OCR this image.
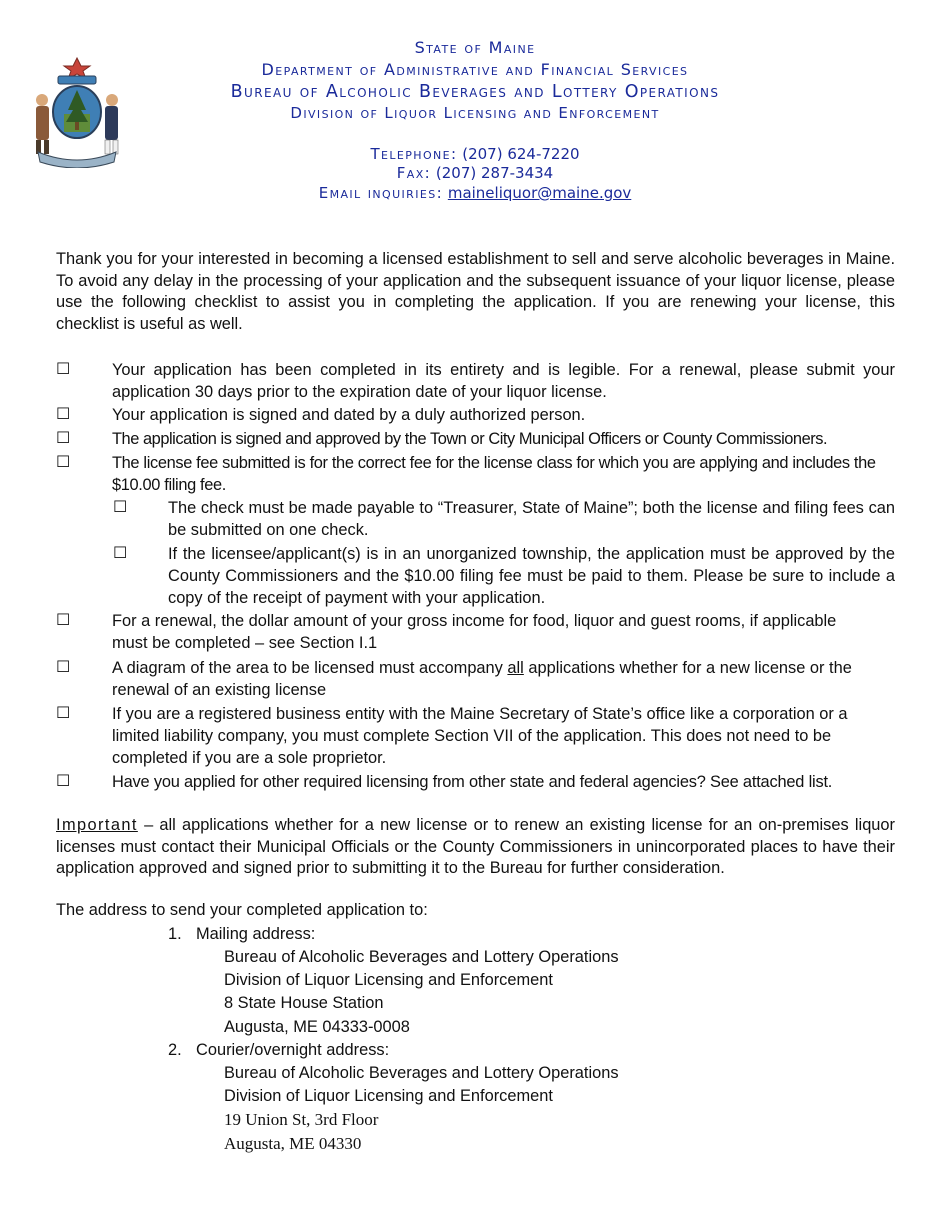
State of Maine
Department of Administrative and Financial Services
Bureau of Alcoholic Beverages and Lottery Operations
Division of Liquor Licensing and Enforcement
Telephone: (207) 624-7220
Fax: (207) 287-3434
Email inquiries: maineliquor@maine.gov
Thank you for your interested in becoming a licensed establishment to sell and serve alcoholic beverages in Maine. To avoid any delay in the processing of your application and the subsequent issuance of your liquor license, please use the following checklist to assist you in completing the application. If you are renewing your license, this checklist is useful as well.
☐	Your application has been completed in its entirety and is legible. For a renewal, please submit your application 30 days prior to the expiration date of your liquor license.
☐	Your application is signed and dated by a duly authorized person.
☐	The application is signed and approved by the Town or City Municipal Officers or County Commissioners.
☐	The license fee submitted is for the correct fee for the license class for which you are applying and includes the $10.00 filing fee.
☐ The check must be made payable to “Treasurer, State of Maine”; both the license and filing fees can be submitted on one check.
☐ If the licensee/applicant(s) is in an unorganized township, the application must be approved by the County Commissioners and the $10.00 filing fee must be paid to them. Please be sure to include a copy of the receipt of payment with your application.
☐	For a renewal, the dollar amount of your gross income for food, liquor and guest rooms, if applicable must be completed – see Section I.1
☐	A diagram of the area to be licensed must accompany all applications whether for a new license or the renewal of an existing license
☐	If you are a registered business entity with the Maine Secretary of State’s office like a corporation or a limited liability company, you must complete Section VII of the application. This does not need to be completed if you are a sole proprietor.
☐	Have you applied for other required licensing from other state and federal agencies? See attached list.
Important – all applications whether for a new license or to renew an existing license for an on-premises liquor licenses must contact their Municipal Officials or the County Commissioners in unincorporated places to have their application approved and signed prior to submitting it to the Bureau for further consideration.
The address to send your completed application to:
1. Mailing address:
Bureau of Alcoholic Beverages and Lottery Operations
Division of Liquor Licensing and Enforcement
8 State House Station
Augusta, ME 04333-0008
2. Courier/overnight address:
Bureau of Alcoholic Beverages and Lottery Operations
Division of Liquor Licensing and Enforcement
19 Union St, 3rd Floor
Augusta, ME 04330
